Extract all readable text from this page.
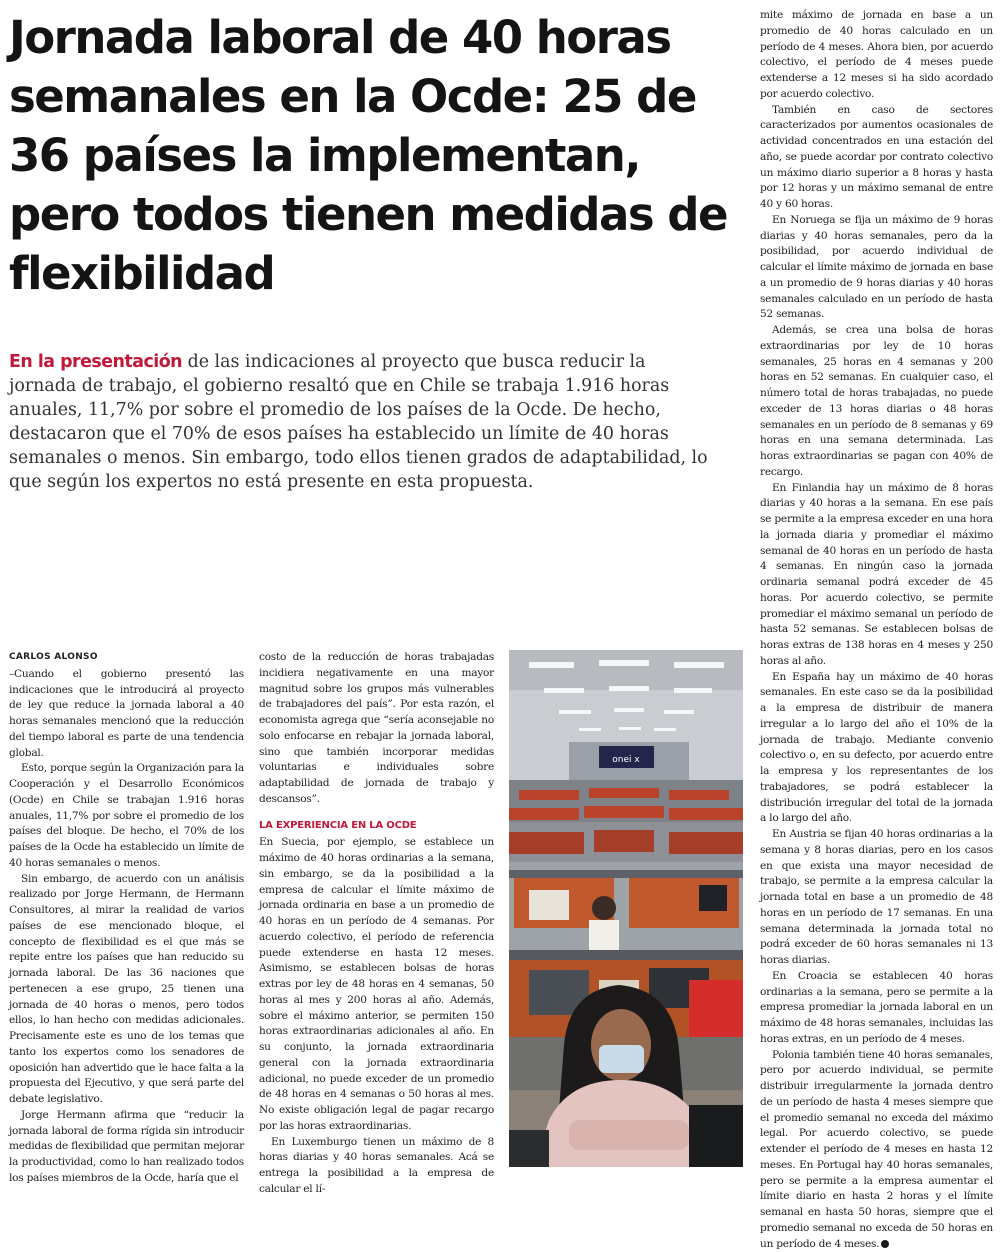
Jornada laboral de 40 horas semanales en la Ocde: 25 de 36 países la implementan, pero todos tienen medidas de flexibilidad

En la presentación de las indicaciones al proyecto que busca reducir la jornada de trabajo, el gobierno resaltó que en Chile se trabaja 1.916 horas anuales, 11,7% por sobre el promedio de los países de la Ocde. De hecho, destacaron que el 70% de esos países ha establecido un límite de 40 horas semanales o menos. Sin embargo, todo ellos tienen grados de adaptabilidad, lo que según los expertos no está presente en esta propuesta.

CARLOS ALONSO

–Cuando el gobierno presentó las indicaciones que le introducirá al proyecto de ley que reduce la jornada laboral a 40 horas semanales mencionó que la reducción del tiempo laboral es parte de una tendencia global.

Esto, porque según la Organización para la Cooperación y el Desarrollo Económicos (Ocde) en Chile se trabajan 1.916 horas anuales, 11,7% por sobre el promedio de los países del bloque. De hecho, el 70% de los países de la Ocde ha establecido un límite de 40 horas semanales o menos.

Sin embargo, de acuerdo con un análisis realizado por Jorge Hermann, de Hermann Consultores, al mirar la realidad de varios países de ese mencionado bloque, el concepto de flexibilidad es el que más se repite entre los países que han reducido su jornada laboral. De las 36 naciones que pertenecen a ese grupo, 25 tienen una jornada de 40 horas o menos, pero todos ellos, lo han hecho con medidas adicionales. Precisamente este es uno de los temas que tanto los expertos como los senadores de oposición han advertido que le hace falta a la propuesta del Ejecutivo, y que será parte del debate legislativo.

Jorge Hermann afirma que “reducir la jornada laboral de forma rígida sin introducir medidas de flexibilidad que permitan mejorar la productividad, como lo han realizado todos los países miembros de la Ocde, haría que el

costo de la reducción de horas trabajadas incidiera negativamente en una mayor magnitud sobre los grupos más vulnerables de trabajadores del país”. Por esta razón, el economista agrega que “sería aconsejable no solo enfocarse en rebajar la jornada laboral, sino que también incorporar medidas voluntarias e individuales sobre adaptabilidad de jornada de trabajo y descansos”.

LA EXPERIENCIA EN LA OCDE

En Suecia, por ejemplo, se establece un máximo de 40 horas ordinarias a la semana, sin embargo, se da la posibilidad a la empresa de calcular el límite máximo de jornada ordinaria en base a un promedio de 40 horas en un período de 4 semanas. Por acuerdo colectivo, el período de referencia puede extenderse en hasta 12 meses. Asimismo, se establecen bolsas de horas extras por ley de 48 horas en 4 semanas, 50 horas al mes y 200 horas al año. Además, sobre el máximo anterior, se permiten 150 horas extraordinarias adicionales al año. En su conjunto, la jornada extraordinaria general con la jornada extraordinaria adicional, no puede exceder de un promedio de 48 horas en 4 semanas o 50 horas al mes. No existe obligación legal de pagar recargo por las horas extraordinarias.

En Luxemburgo tienen un máximo de 8 horas diarias y 40 horas semanales. Acá se entrega la posibilidad a la empresa de calcular el lí-

onei x

mite máximo de jornada en base a un promedio de 40 horas calculado en un período de 4 meses. Ahora bien, por acuerdo colectivo, el período de 4 meses puede extenderse a 12 meses si ha sido acordado por acuerdo colectivo.

También en caso de sectores caracterizados por aumentos ocasionales de actividad concentrados en una estación del año, se puede acordar por contrato colectivo un máximo diario superior a 8 horas y hasta por 12 horas y un máximo semanal de entre 40 y 60 horas.

En Noruega se fija un máximo de 9 horas diarias y 40 horas semanales, pero da la posibilidad, por acuerdo individual de calcular el límite máximo de jornada en base a un promedio de 9 horas diarias y 40 horas semanales calculado en un período de hasta 52 semanas.

Además, se crea una bolsa de horas extraordinarias por ley de 10 horas semanales, 25 horas en 4 semanas y 200 horas en 52 semanas. En cualquier caso, el número total de horas trabajadas, no puede exceder de 13 horas diarias o 48 horas semanales en un período de 8 semanas y 69 horas en una semana determinada. Las horas extraordinarias se pagan con 40% de recargo.

En Finlandia hay un máximo de 8 horas diarias y 40 horas a la semana. En ese país se permite a la empresa exceder en una hora la jornada diaria y promediar el máximo semanal de 40 horas en un período de hasta 4 semanas. En ningún caso la jornada ordinaria semanal podrá exceder de 45 horas. Por acuerdo colectivo, se permite promediar el máximo semanal un período de hasta 52 semanas. Se establecen bolsas de horas extras de 138 horas en 4 meses y 250 horas al año.

En España hay un máximo de 40 horas semanales. En este caso se da la posibilidad a la empresa de distribuir de manera irregular a lo largo del año el 10% de la jornada de trabajo. Mediante convenio colectivo o, en su defecto, por acuerdo entre la empresa y los representantes de los trabajadores, se podrá establecer la distribución irregular del total de la jornada a lo largo del año.

En Austria se fijan 40 horas ordinarias a la semana y 8 horas diarias, pero en los casos en que exista una mayor necesidad de trabajo, se permite a la empresa calcular la jornada total en base a un promedio de 48 horas en un período de 17 semanas. En una semana determinada la jornada total no podrá exceder de 60 horas semanales ni 13 horas diarias.

En Croacia se establecen 40 horas ordinarias a la semana, pero se permite a la empresa promediar la jornada laboral en un máximo de 48 horas semanales, incluidas las horas extras, en un período de 4 meses.

Polonia también tiene 40 horas semanales, pero por acuerdo individual, se permite distribuir irregularmente la jornada dentro de un período de hasta 4 meses siempre que el promedio semanal no exceda del máximo legal. Por acuerdo colectivo, se puede extender el período de 4 meses en hasta 12 meses. En Portugal hay 40 horas semanales, pero se permite a la empresa aumentar el límite diario en hasta 2 horas y el límite semanal en hasta 50 horas, siempre que el promedio semanal no exceda de 50 horas en un período de 4 meses.
